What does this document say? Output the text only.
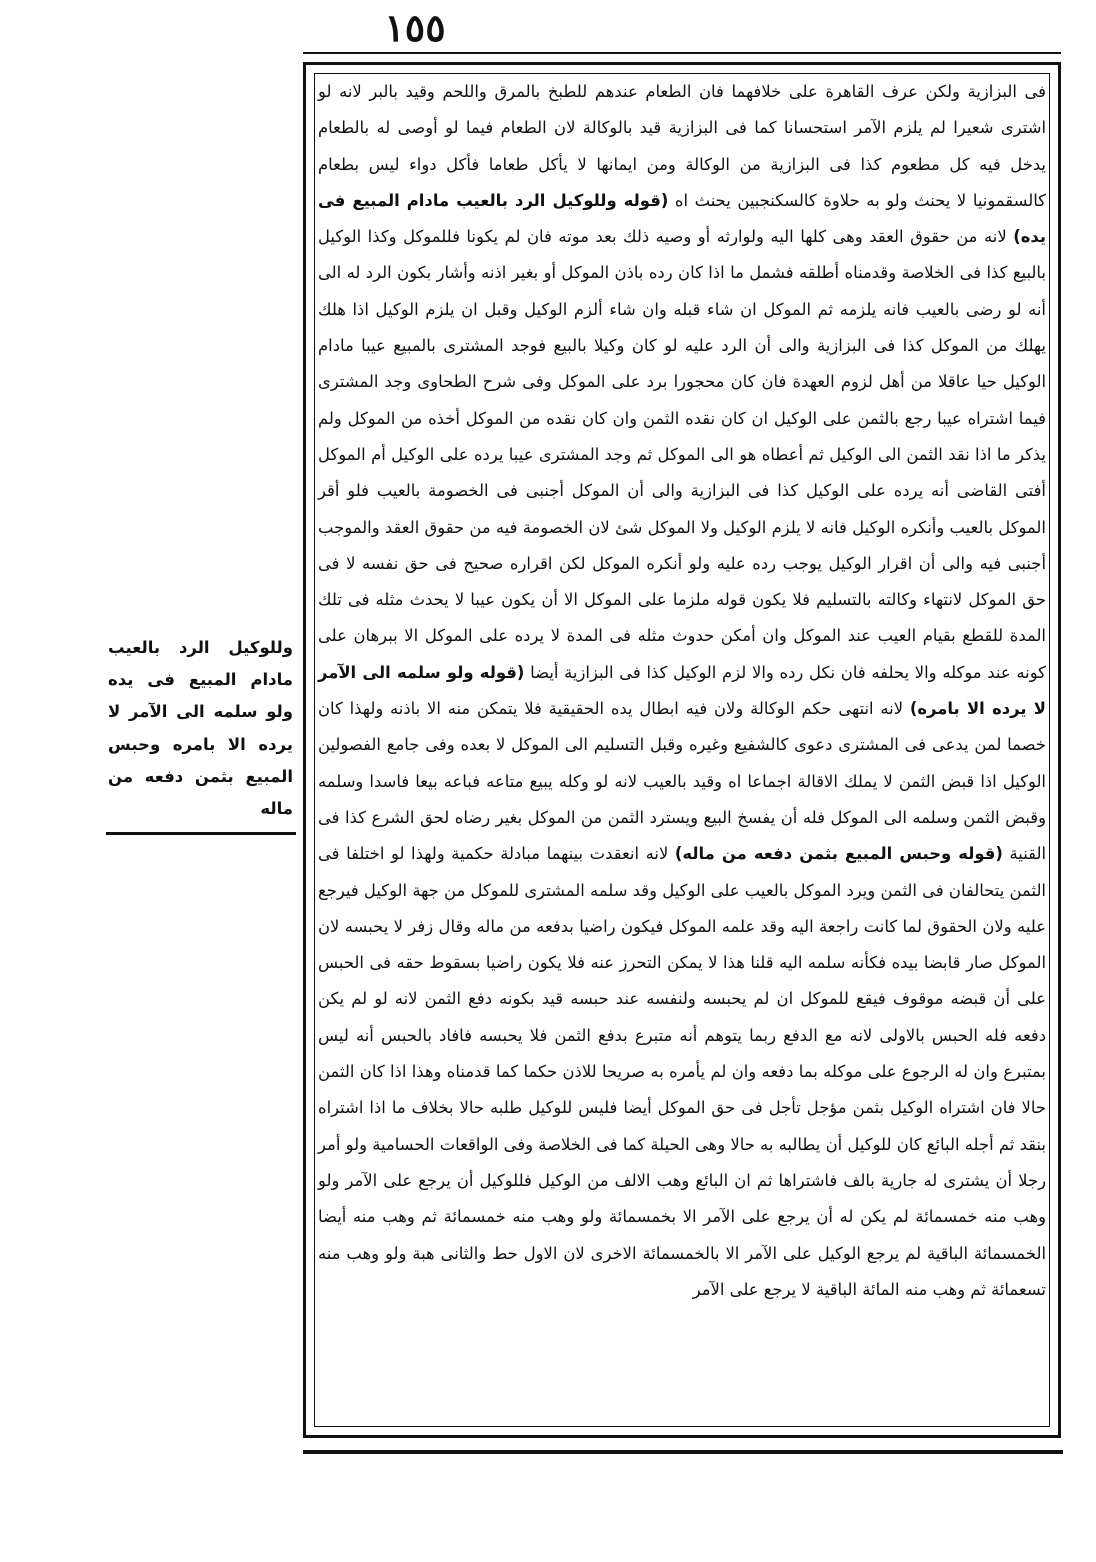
١٥٥

فى البزازية ولكن عرف القاهرة على خلافهما فان الطعام عندهم للطبخ بالمرق واللحم وقيد بالبر لانه لو اشترى شعيرا لم يلزم الآمر استحسانا كما فى البزازية قيد بالوكالة لان الطعام فيما لو أوصى له بالطعام يدخل فيه كل مطعوم كذا فى البزازية من الوكالة ومن ايمانها لا يأكل طعاما فأكل دواء ليس بطعام كالسقمونيا لا يحنث ولو به حلاوة كالسكنجبين يحنث اه (قوله وللوكيل الرد بالعيب مادام المبيع فى يده) لانه من حقوق العقد وهى كلها اليه ولوارثه أو وصيه ذلك بعد موته فان لم يكونا فللموكل وكذا الوكيل بالبيع كذا فى الخلاصة وقدمناه أطلقه فشمل ما اذا كان رده باذن الموكل أو بغير اذنه وأشار بكون الرد له الى أنه لو رضى بالعيب فانه يلزمه ثم الموكل ان شاء قبله وان شاء ألزم الوكيل وقبل ان يلزم الوكيل اذا هلك يهلك من الموكل كذا فى البزازية والى أن الرد عليه لو كان وكيلا بالبيع فوجد المشترى بالمبيع عيبا مادام الوكيل حيا عاقلا من أهل لزوم العهدة فان كان محجورا برد على الموكل وفى شرح الطحاوى وجد المشترى فيما اشتراه عيبا رجع بالثمن على الوكيل ان كان نقده الثمن وان كان نقده من الموكل أخذه من الموكل ولم يذكر ما اذا نقد الثمن الى الوكيل ثم أعطاه هو الى الموكل ثم وجد المشترى عيبا يرده على الوكيل أم الموكل أفتى القاضى أنه يرده على الوكيل كذا فى البزازية والى أن الموكل أجنبى فى الخصومة بالعيب فلو أقر الموكل بالعيب وأنكره الوكيل فانه لا يلزم الوكيل ولا الموكل شئ لان الخصومة فيه من حقوق العقد والموجب أجنبى فيه والى أن اقرار الوكيل يوجب رده عليه ولو أنكره الموكل لكن اقراره صحيح فى حق نفسه لا فى حق الموكل لانتهاء وكالته بالتسليم فلا يكون قوله ملزما على الموكل الا أن يكون عيبا لا يحدث مثله فى تلك المدة للقطع بقيام العيب عند الموكل وان أمكن حدوث مثله فى المدة لا يرده على الموكل الا ببرهان على كونه عند موكله والا يحلفه فان نكل رده والا لزم الوكيل كذا فى البزازية أيضا (قوله ولو سلمه الى الآمر لا يرده الا بامره) لانه انتهى حكم الوكالة ولان فيه ابطال يده الحقيقية فلا يتمكن منه الا باذنه ولهذا كان خصما لمن يدعى فى المشترى دعوى كالشفيع وغيره وقبل التسليم الى الموكل لا بعده وفى جامع الفصولين الوكيل اذا قبض الثمن لا يملك الاقالة اجماعا اه وقيد بالعيب لانه لو وكله يبيع متاعه فباعه بيعا فاسدا وسلمه وقبض الثمن وسلمه الى الموكل فله أن يفسخ البيع ويسترد الثمن من الموكل بغير رضاه لحق الشرع كذا فى القنية (قوله وحبس المبيع بثمن دفعه من ماله) لانه انعقدت بينهما مبادلة حكمية ولهذا لو اختلفا فى الثمن يتحالفان فى الثمن ويرد الموكل بالعيب على الوكيل وقد سلمه المشترى للموكل من جهة الوكيل فيرجع عليه ولان الحقوق لما كانت راجعة اليه وقد علمه الموكل فيكون راضيا بدفعه من ماله وقال زفر لا يحبسه لان الموكل صار قابضا بيده فكأنه سلمه اليه قلنا هذا لا يمكن التحرز عنه فلا يكون راضيا بسقوط حقه فى الحبس على أن قبضه موقوف فيقع للموكل ان لم يحبسه ولنفسه عند حبسه قيد بكونه دفع الثمن لانه لو لم يكن دفعه فله الحبس بالاولى لانه مع الدفع ربما يتوهم أنه متبرع بدفع الثمن فلا يحبسه فافاد بالحبس أنه ليس بمتبرع وان له الرجوع على موكله بما دفعه وان لم يأمره به صريحا للاذن حكما كما قدمناه وهذا اذا كان الثمن حالا فان اشتراه الوكيل بثمن مؤجل تأجل فى حق الموكل أيضا فليس للوكيل طلبه حالا بخلاف ما اذا اشتراه بنقد ثم أجله البائع كان للوكيل أن يطالبه به حالا وهى الحيلة كما فى الخلاصة وفى الواقعات الحسامية ولو أمر رجلا أن يشترى له جارية بالف فاشتراها ثم ان البائع وهب الالف من الوكيل فللوكيل أن يرجع على الآمر ولو وهب منه خمسمائة لم يكن له أن يرجع على الآمر الا بخمسمائة ولو وهب منه خمسمائة ثم وهب منه أيضا الخمسمائة الباقية لم يرجع الوكيل على الآمر الا بالخمسمائة الاخرى لان الاول حط والثانى هبة ولو وهب منه تسعمائة ثم وهب منه المائة الباقية لا يرجع على الآمر

وللوكيل الرد بالعيب مادام المبيع فى يده ولو سلمه الى الآمر لا يرده الا بامره وحبس المبيع بثمن دفعه من ماله
